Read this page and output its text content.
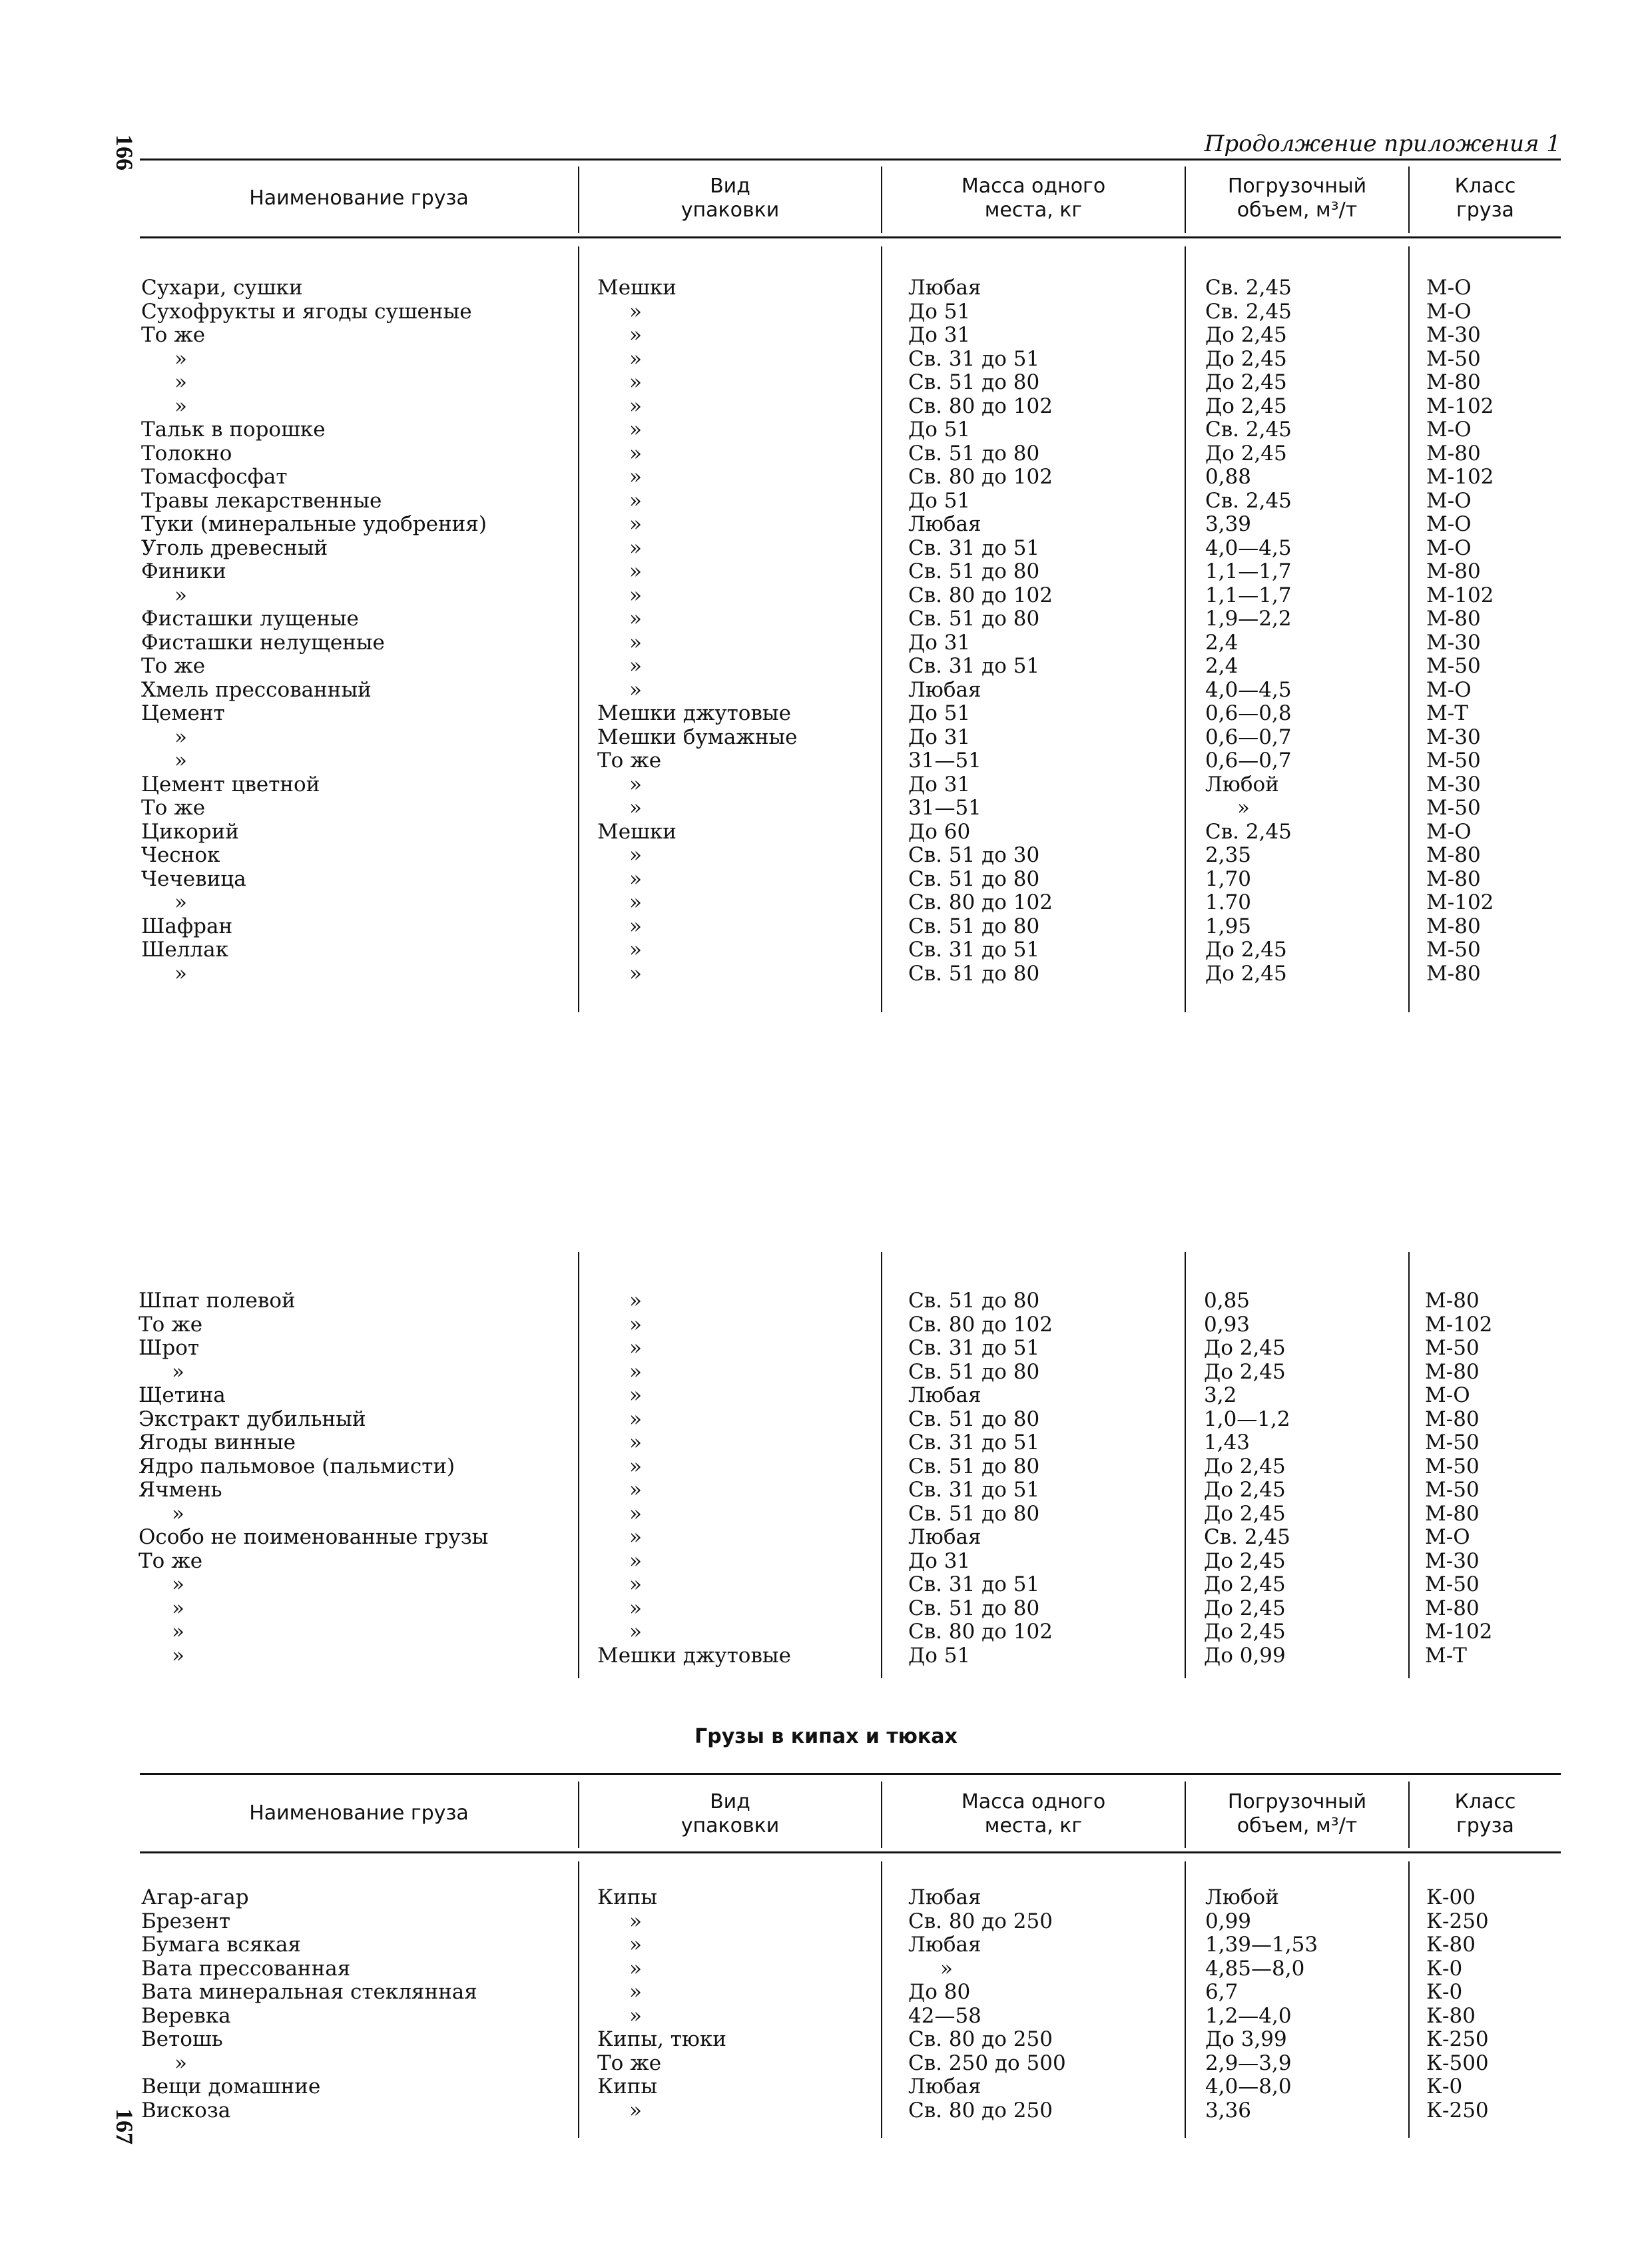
166
167
Продолжение приложения 1
Наименование груза
Вид
упаковки
Масса одного
места, кг
Погрузочный
объем, м³/т
Класс
груза
Сухари, сушки
Сухофрукты и ягоды сушеные
То же
»
»
»
Тальк в порошке
Толокно
Томасфосфат
Травы лекарственные
Туки (минеральные удобрения)
Уголь древесный
Финики
»
Фисташки лущеные
Фисташки нелущеные
То же
Хмель прессованный
Цемент
»
»
Цемент цветной
То же
Цикорий
Чеснок
Чечевица
»
Шафран
Шеллак
»
Мешки
»
»
»
»
»
»
»
»
»
»
»
»
»
»
»
»
»
Мешки джутовые
Мешки бумажные
То же
»
»
Мешки
»
»
»
»
»
»
Любая
До 51
До 31
Св. 31 до 51
Св. 51 до 80
Св. 80 до 102
До 51
Св. 51 до 80
Св. 80 до 102
До 51
Любая
Св. 31 до 51
Св. 51 до 80
Св. 80 до 102
Св. 51 до 80
До 31
Св. 31 до 51
Любая
До 51
До 31
31—51
До 31
31—51
До 60
Св. 51 до 30
Св. 51 до 80
Св. 80 до 102
Св. 51 до 80
Св. 31 до 51
Св. 51 до 80
Св. 2,45
Св. 2,45
До 2,45
До 2,45
До 2,45
До 2,45
Св. 2,45
До 2,45
0,88
Св. 2,45
3,39
4,0—4,5
1,1—1,7
1,1—1,7
1,9—2,2
2,4
2,4
4,0—4,5
0,6—0,8
0,6—0,7
0,6—0,7
Любой
»
Св. 2,45
2,35
1,70
1.70
1,95
До 2,45
До 2,45
М-О
М-О
М-30
М-50
М-80
М-102
М-О
М-80
М-102
М-О
М-О
М-О
М-80
М-102
М-80
М-30
М-50
М-О
М-Т
М-30
М-50
М-30
М-50
М-О
М-80
М-80
М-102
М-80
М-50
М-80
Шпат полевой
То же
Шрот
»
Щетина
Экстракт дубильный
Ягоды винные
Ядро пальмовое (пальмисти)
Ячмень
»
Особо не поименованные грузы
То же
»
»
»
»
»
»
»
»
»
»
»
»
»
»
»
»
»
»
»
Мешки джутовые
Св. 51 до 80
Св. 80 до 102
Св. 31 до 51
Св. 51 до 80
Любая
Св. 51 до 80
Св. 31 до 51
Св. 51 до 80
Св. 31 до 51
Св. 51 до 80
Любая
До 31
Св. 31 до 51
Св. 51 до 80
Св. 80 до 102
До 51
0,85
0,93
До 2,45
До 2,45
3,2
1,0—1,2
1,43
До 2,45
До 2,45
До 2,45
Св. 2,45
До 2,45
До 2,45
До 2,45
До 2,45
До 0,99
М-80
М-102
М-50
М-80
М-О
М-80
М-50
М-50
М-50
М-80
М-О
М-30
М-50
М-80
М-102
М-Т
Грузы в кипах и тюках
Наименование груза	Вид
упаковки
Масса одного
места, кг
Погрузочный
объем, м³/т
Класс
груза
Агар-агар
Брезент
Бумага всякая
Вата прессованная
Вата минеральная стеклянная
Веревка
Ветошь
»
Вещи домашние
Вискоза
Кипы
»
»
»
»
»
Кипы, тюки
То же
Кипы
»
Любая
Св. 80 до 250
Любая
»
До 80
42—58
Св. 80 до 250
Св. 250 до 500
Любая
Св. 80 до 250
Любой
0,99
1,39—1,53
4,85—8,0
6,7
1,2—4,0
До 3,99
2,9—3,9
4,0—8,0
3,36
К-00
К-250
К-80
К-0
К-0
К-80
К-250
К-500
К-0
К-250
